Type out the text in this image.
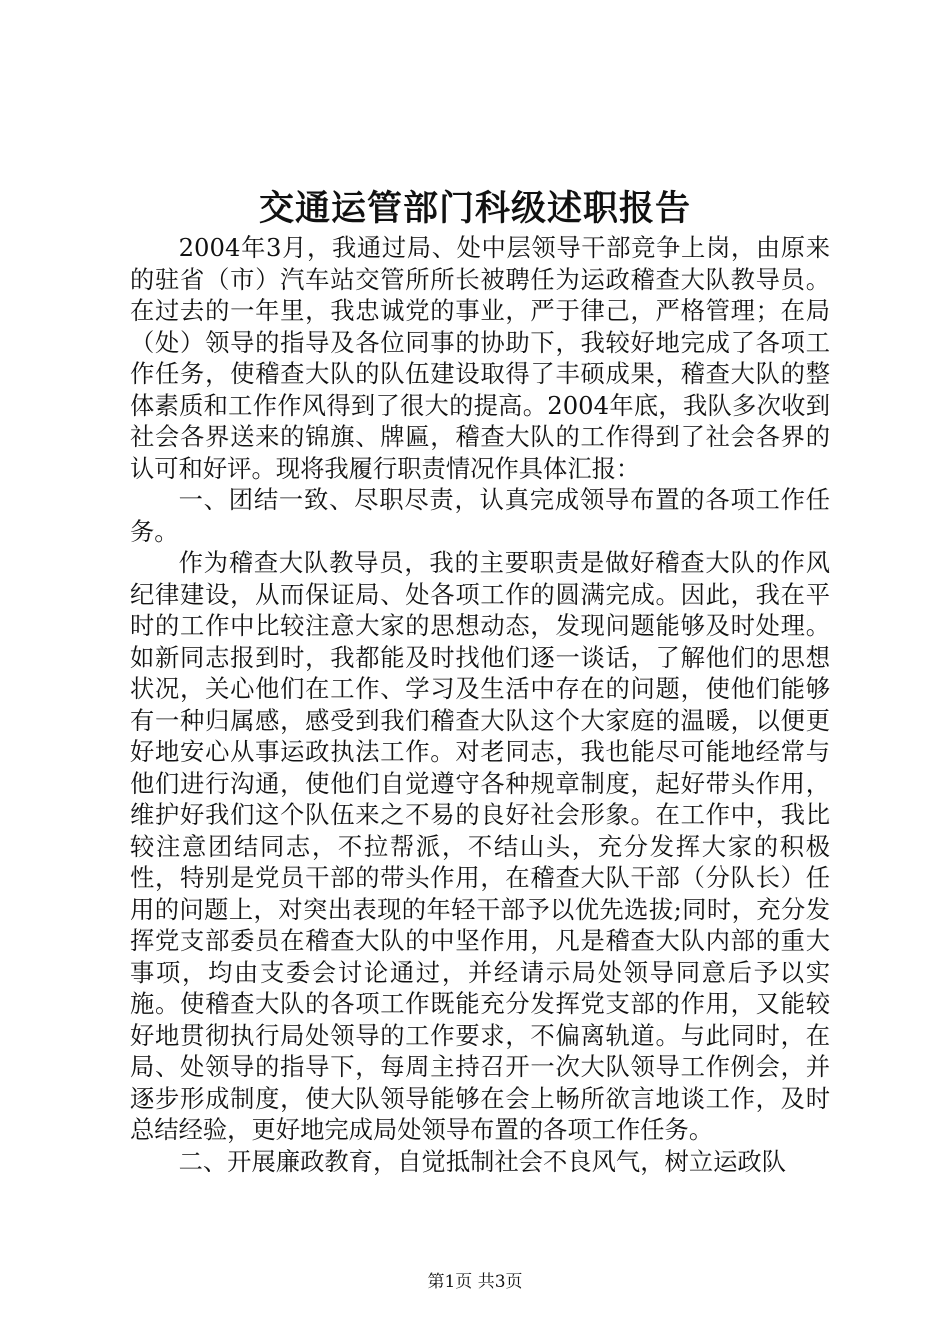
交通运管部门科级述职报告

2004年3月，我通过局、处中层领导干部竞争上岗，由原来的驻省（市）汽车站交管所所长被聘任为运政稽查大队教导员。在过去的一年里，我忠诚党的事业，严于律己，严格管理；在局（处）领导的指导及各位同事的协助下，我较好地完成了各项工作任务，使稽查大队的队伍建设取得了丰硕成果，稽查大队的整体素质和工作作风得到了很大的提高。2004年底，我队多次收到社会各界送来的锦旗、牌匾，稽查大队的工作得到了社会各界的认可和好评。现将我履行职责情况作具体汇报：

一、团结一致、尽职尽责，认真完成领导布置的各项工作任务。

作为稽查大队教导员，我的主要职责是做好稽查大队的作风纪律建设，从而保证局、处各项工作的圆满完成。因此，我在平时的工作中比较注意大家的思想动态，发现问题能够及时处理。如新同志报到时，我都能及时找他们逐一谈话，了解他们的思想状况，关心他们在工作、学习及生活中存在的问题，使他们能够有一种归属感，感受到我们稽查大队这个大家庭的温暖，以便更好地安心从事运政执法工作。对老同志，我也能尽可能地经常与他们进行沟通，使他们自觉遵守各种规章制度，起好带头作用，维护好我们这个队伍来之不易的良好社会形象。在工作中，我比较注意团结同志，不拉帮派，不结山头，充分发挥大家的积极性，特别是党员干部的带头作用，在稽查大队干部（分队长）任用的问题上，对突出表现的年轻干部予以优先选拔;同时，充分发挥党支部委员在稽查大队的中坚作用，凡是稽查大队内部的重大事项，均由支委会讨论通过，并经请示局处领导同意后予以实施。使稽查大队的各项工作既能充分发挥党支部的作用，又能较好地贯彻执行局处领导的工作要求，不偏离轨道。与此同时，在局、处领导的指导下，每周主持召开一次大队领导工作例会，并逐步形成制度，使大队领导能够在会上畅所欲言地谈工作，及时总结经验，更好地完成局处领导布置的各项工作任务。

二、开展廉政教育，自觉抵制社会不良风气，树立运政队

第1页 共3页
